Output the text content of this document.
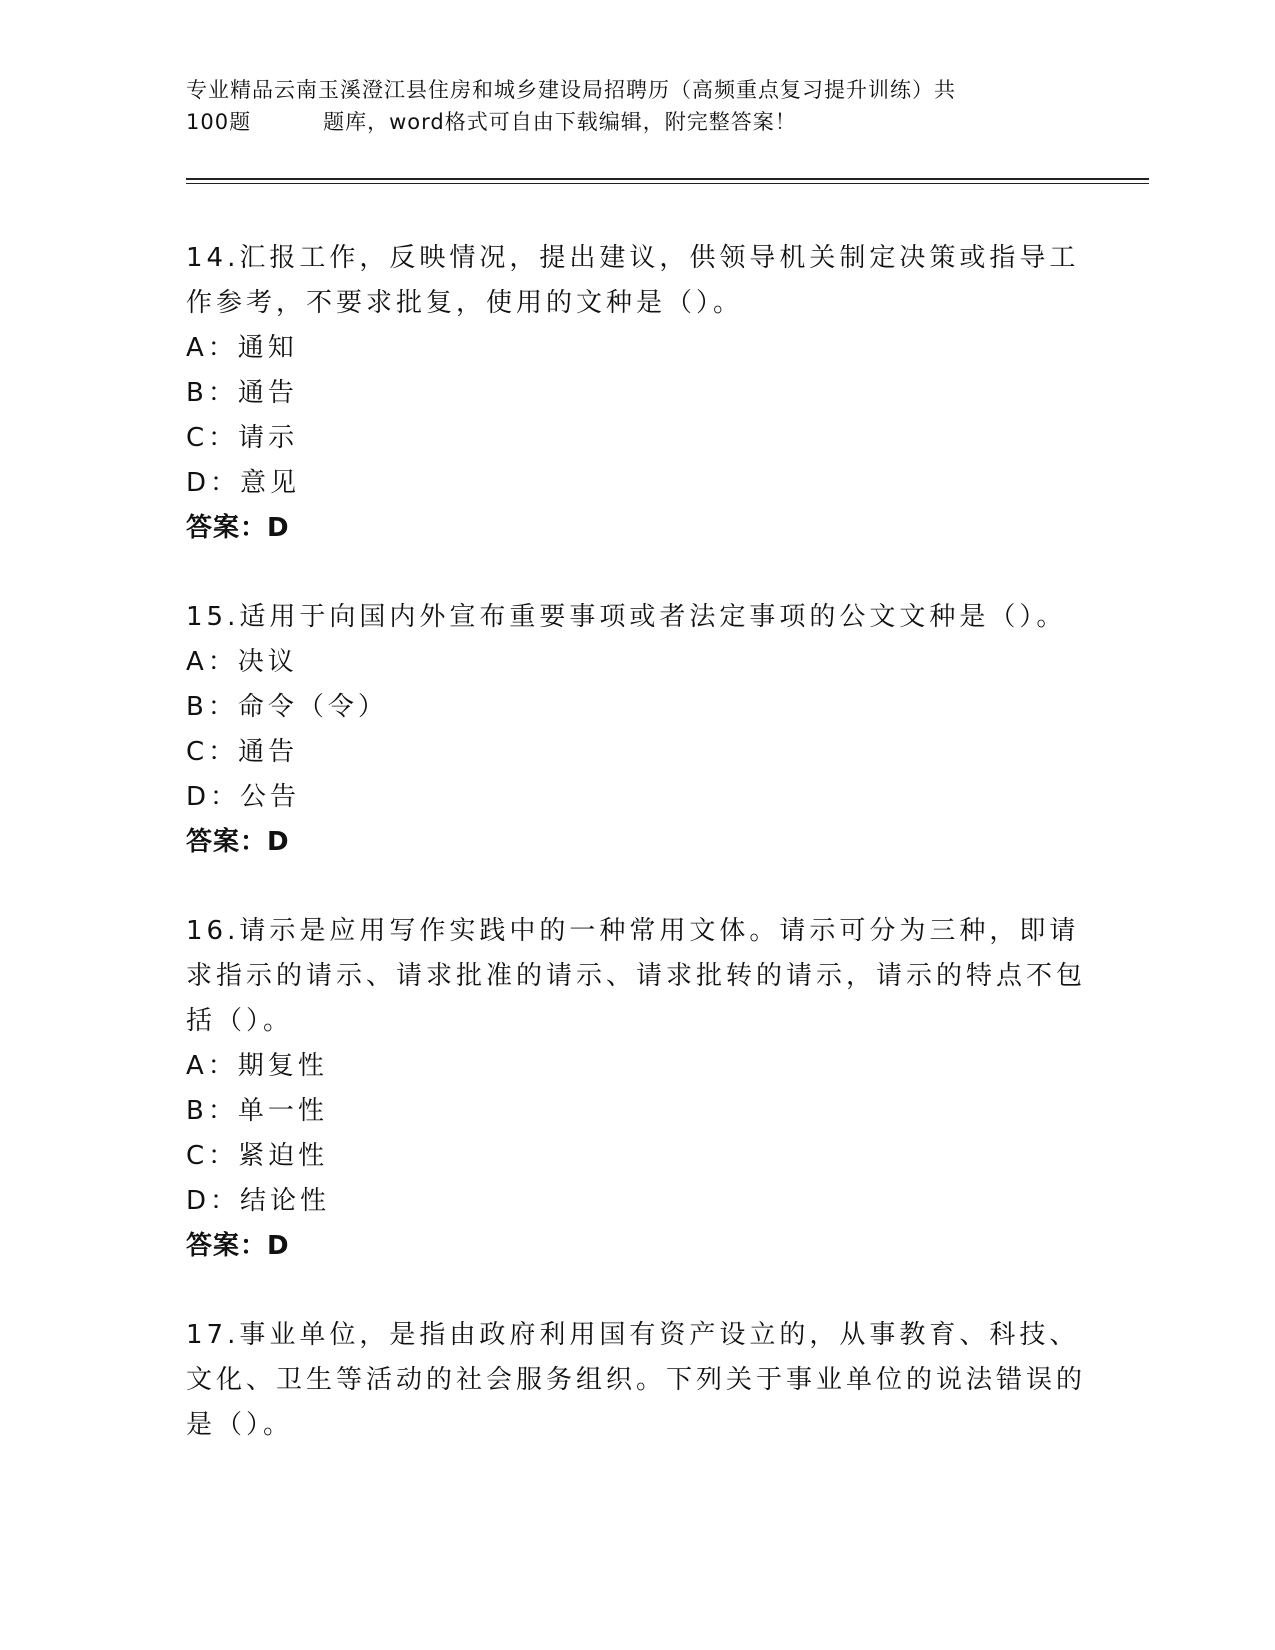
专业精品云南玉溪澄江县住房和城乡建设局招聘历（高频重点复习提升训练）共
100题	题库，word格式可自由下载编辑，附完整答案！

14.汇报工作，反映情况，提出建议，供领导机关制定决策或指导工作参考，不要求批复，使用的文种是（）。

A：通知

B：通告

C：请示

D：意见

答案：D

15.适用于向国内外宣布重要事项或者法定事项的公文文种是（）。

A：决议

B：命令（令）

C：通告

D：公告

答案：D

16.请示是应用写作实践中的一种常用文体。请示可分为三种，即请求指示的请示、请求批准的请示、请求批转的请示，请示的特点不包括（）。

A：期复性

B：单一性

C：紧迫性

D：结论性

答案：D

17.事业单位，是指由政府利用国有资产设立的，从事教育、科技、文化、卫生等活动的社会服务组织。下列关于事业单位的说法错误的是（）。
